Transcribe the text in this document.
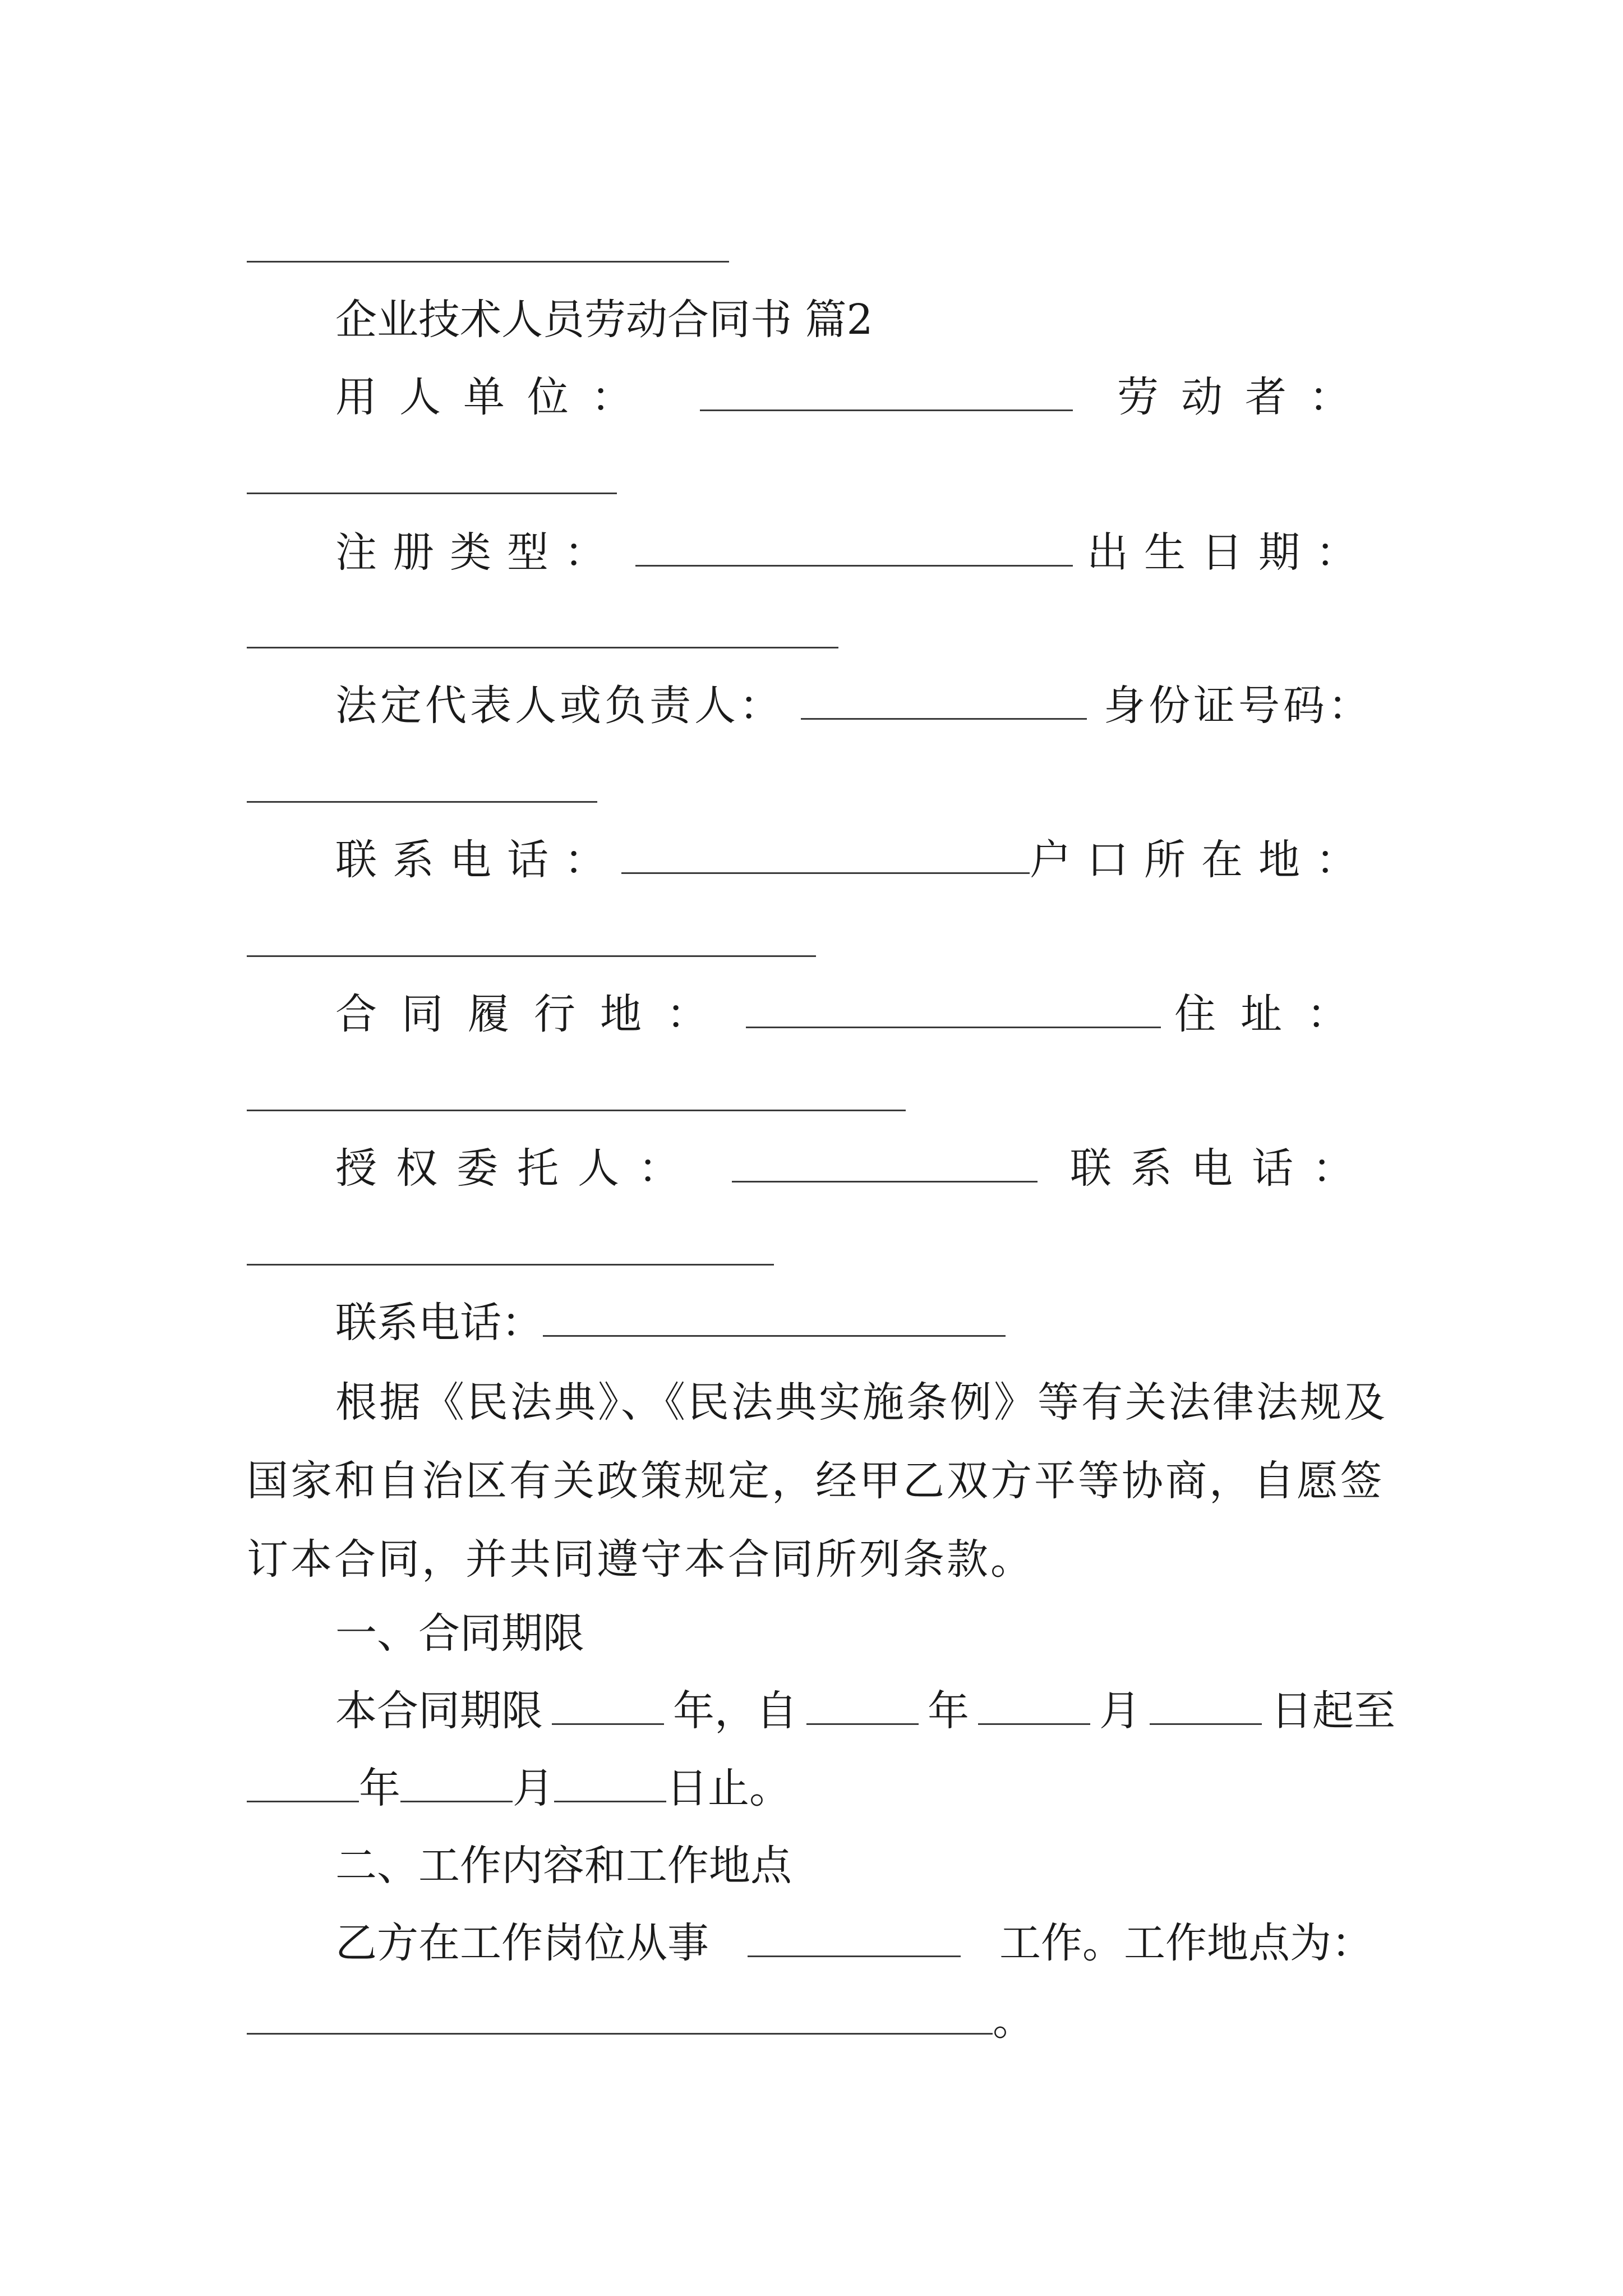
企业技术人员劳动合同书 篇2
用人单位：	劳动者：
注册类型：	出生日期：
法定代表人或负责人：	身份证号码：
联系电话：	户口所在地：
合同履行地：	住址：
授权委托人：	联系电话：
联系电话：
根据《民法典》、《民法典实施条例》等有关法律法规及国家和自治区有关政策规定，经甲乙双方平等协商，自愿签订本合同，并共同遵守本合同所列条款。
一、合同期限
本合同期限	年，自	年	月	日起至
年	月	日止。
二、工作内容和工作地点
乙方在工作岗位从事	工作。工作地点为：
。
